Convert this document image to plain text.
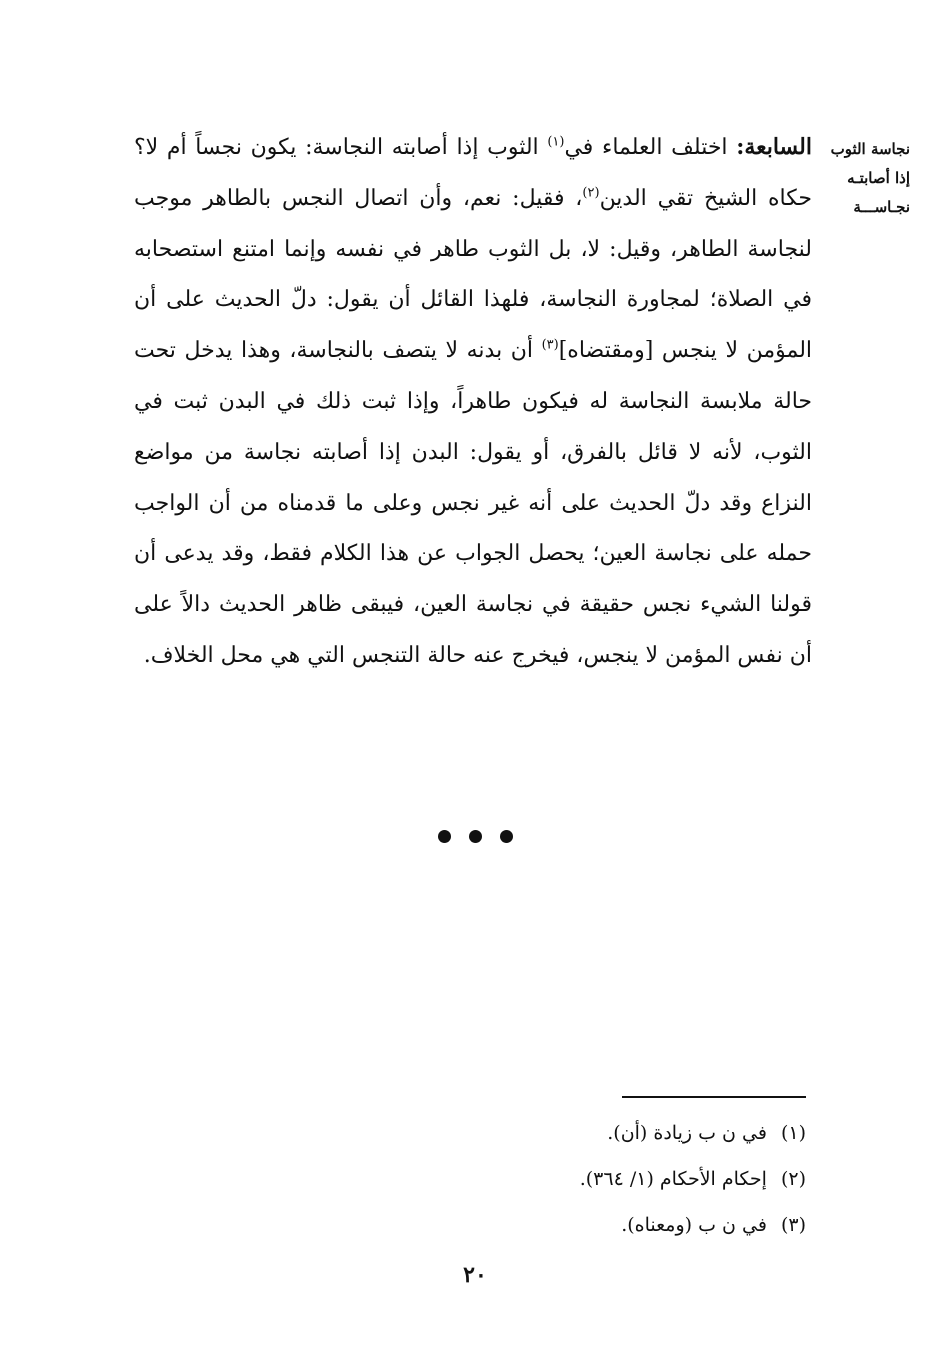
نجاسة الثوب
إذا أصابتـه
نجـاســـة
السابعة: اختلف العلماء في$^{(١)}$ الثوب إذا أصابته النجاسة: يكون نجساً أم لا؟ حكاه الشيخ تقي الدين$^{(٢)}$، فقيل: نعم، وأن اتصال النجس بالطاهر موجب لنجاسة الطاهر، وقيل: لا، بل الثوب طاهر في نفسه وإنما امتنع استصحابه في الصلاة؛ لمجاورة النجاسة، فلهذا القائل أن يقول: دلّ الحديث على أن المؤمن لا ينجس [ومقتضاه]$^{(٣)}$ أن بدنه لا يتصف بالنجاسة، وهذا يدخل تحت حالة ملابسة النجاسة له فيكون طاهراً، وإذا ثبت ذلك في البدن ثبت في الثوب، لأنه لا قائل بالفرق، أو يقول: البدن إذا أصابته نجاسة من مواضع النزاع وقد دلّ الحديث على أنه غير نجس وعلى ما قدمناه من أن الواجب حمله على نجاسة العين؛ يحصل الجواب عن هذا الكلام فقط، وقد يدعى أن قولنا الشيء نجس حقيقة في نجاسة العين، فيبقى ظاهر الحديث دالاً على أن نفس المؤمن لا ينجس، فيخرج عنه حالة التنجس التي هي محل الخلاف.
(١)في ن ب زيادة (أن).
(٢)إحكام الأحكام (١/ ٣٦٤).
(٣)في ن ب (ومعناه).
٢٠
